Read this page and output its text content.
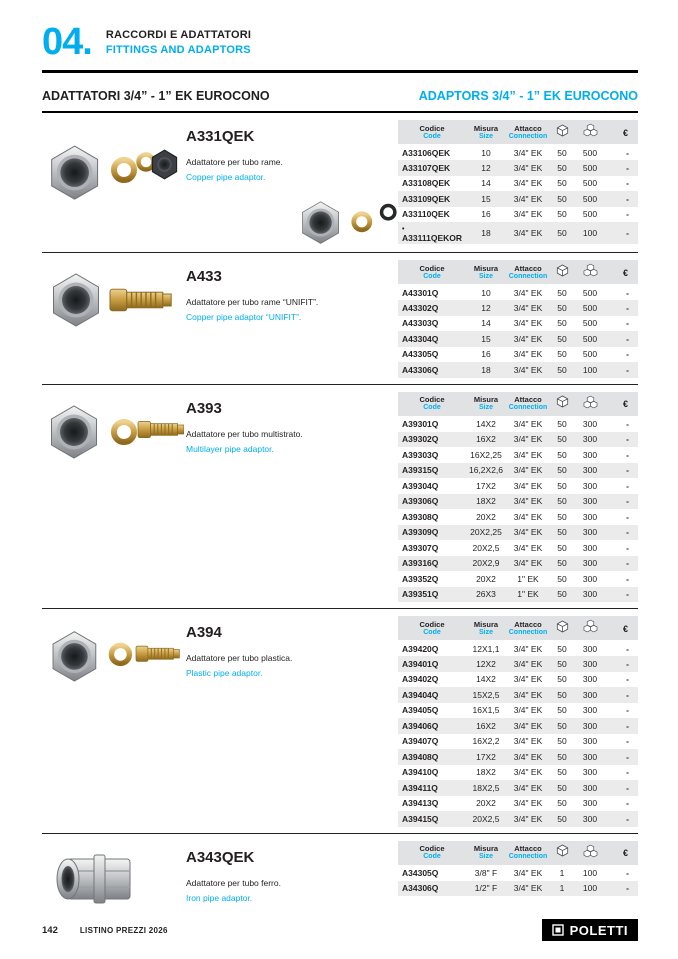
04. RACCORDI E ADATTATORI
FITTINGS AND ADAPTORS
ADATTATORI 3/4” - 1” EK EUROCONO	ADAPTORS 3/4” - 1” EK EUROCONO
A331QEK

Adattatore per tubo rame.

Copper pipe adaptor.

Codice
Code	Misura
Size	Attacco
Connection			€

A33106QEK	10	3/4" EK	50	500	-
A33107QEK	12	3/4" EK	50	500	-
A33108QEK	14	3/4" EK	50	500	-
A33109QEK	15	3/4" EK	50	500	-
A33110QEK	16	3/4" EK	50	500	-
• A33111QEKOR	18	3/4" EK	50	100	-
A433

Adattatore per tubo rame “UNIFIT”.

Copper pipe adaptor “UNIFIT”.

Codice
Code	Misura
Size	Attacco
Connection			€

A43301Q	10	3/4" EK	50	500	-
A43302Q	12	3/4" EK	50	500	-
A43303Q	14	3/4" EK	50	500	-
A43304Q	15	3/4" EK	50	500	-
A43305Q	16	3/4" EK	50	500	-
A43306Q	18	3/4" EK	50	100	-
A393

Adattatore per tubo multistrato.

Multilayer pipe adaptor.

Codice
Code	Misura
Size	Attacco
Connection			€

A39301Q	14X2	3/4" EK	50	300	-
A39302Q	16X2	3/4" EK	50	300	-
A39303Q	16X2,25	3/4" EK	50	300	-
A39315Q	16,2X2,6	3/4" EK	50	300	-
A39304Q	17X2	3/4" EK	50	300	-
A39306Q	18X2	3/4" EK	50	300	-
A39308Q	20X2	3/4" EK	50	300	-
A39309Q	20X2,25	3/4" EK	50	300	-
A39307Q	20X2,5	3/4" EK	50	300	-
A39316Q	20X2,9	3/4" EK	50	300	-
A39352Q	20X2	1" EK	50	300	-
A39351Q	26X3	1" EK	50	300	-
A394

Adattatore per tubo plastica.

Plastic pipe adaptor.

Codice
Code	Misura
Size	Attacco
Connection			€

A39420Q	12X1,1	3/4" EK	50	300	-
A39401Q	12X2	3/4" EK	50	300	-
A39402Q	14X2	3/4" EK	50	300	-
A39404Q	15X2,5	3/4" EK	50	300	-
A39405Q	16X1,5	3/4" EK	50	300	-
A39406Q	16X2	3/4" EK	50	300	-
A39407Q	16X2,2	3/4" EK	50	300	-
A39408Q	17X2	3/4" EK	50	300	-
A39410Q	18X2	3/4" EK	50	300	-
A39411Q	18X2,5	3/4" EK	50	300	-
A39413Q	20X2	3/4" EK	50	300	-
A39415Q	20X2,5	3/4" EK	50	300	-
A343QEK

Adattatore per tubo ferro.

Iron pipe adaptor.

Codice
Code	Misura
Size	Attacco
Connection			€

A34305Q	3/8" F	3/4" EK	1	100	-
A34306Q	1/2" F	3/4" EK	1	100	-
142	LISTINO PREZZI 2026	POLETTI
